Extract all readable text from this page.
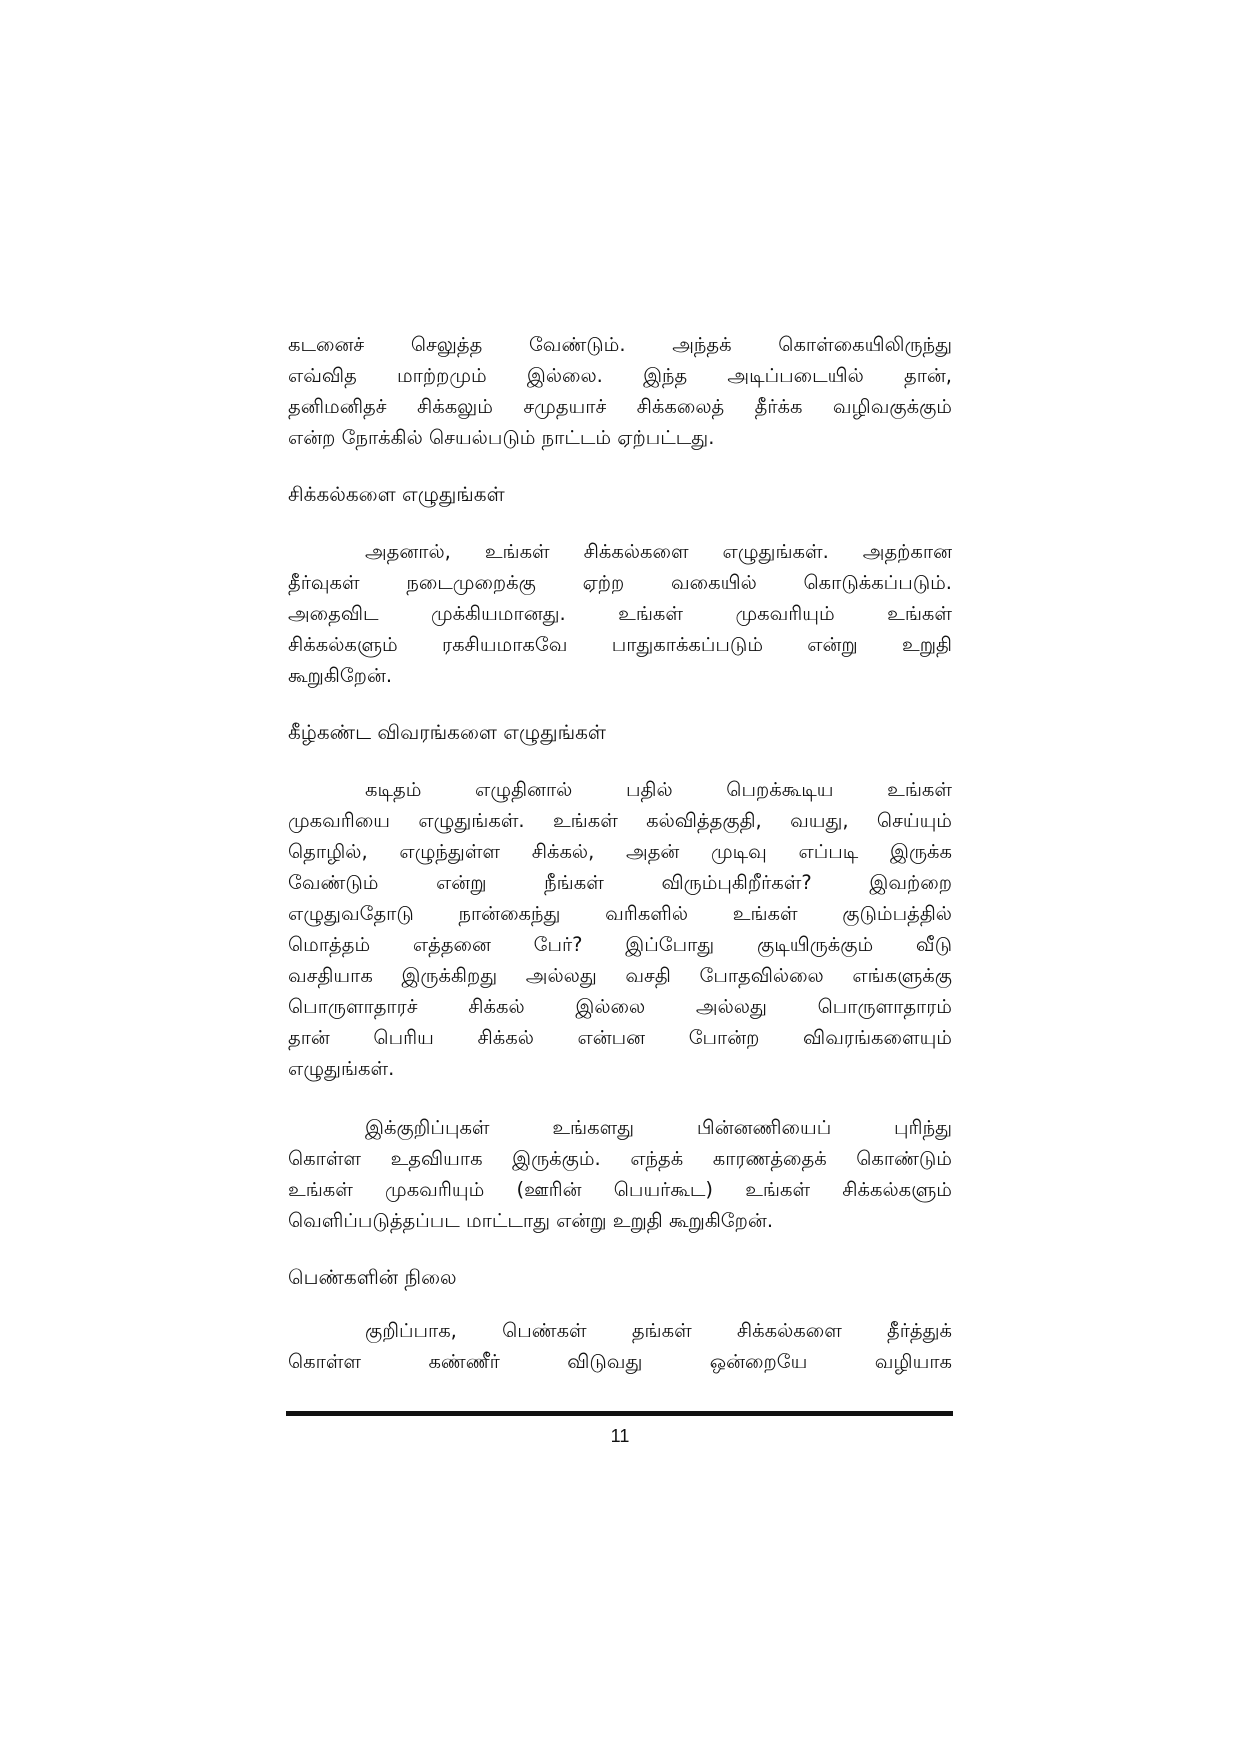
கடனைச் செலுத்த வேண்டும். அந்தக் கொள்கையிலிருந்து
எவ்வித மாற்றமும் இல்லை. இந்த அடிப்படையில் தான்,
தனிமனிதச் சிக்கலும் சமுதயாச் சிக்கலைத் தீர்க்க வழிவகுக்கும்
என்ற நோக்கில் செயல்படும் நாட்டம் ஏற்பட்டது.

சிக்கல்களை எழுதுங்கள்

அதனால், உங்கள் சிக்கல்களை எழுதுங்கள். அதற்கான
தீர்வுகள் நடைமுறைக்கு ஏற்ற வகையில் கொடுக்கப்படும்.
அதைவிட முக்கியமானது. உங்கள் முகவரியும் உங்கள்
சிக்கல்களும் ரகசியமாகவே பாதுகாக்கப்படும் என்று உறுதி
கூறுகிறேன்.

கீழ்கண்ட விவரங்களை எழுதுங்கள்

கடிதம் எழுதினால் பதில் பெறக்கூடிய உங்கள்
முகவரியை எழுதுங்கள். உங்கள் கல்வித்தகுதி, வயது, செய்யும்
தொழில், எழுந்துள்ள சிக்கல், அதன் முடிவு எப்படி இருக்க
வேண்டும் என்று நீங்கள் விரும்புகிறீர்கள்? இவற்றை
எழுதுவதோடு நான்கைந்து வரிகளில் உங்கள் குடும்பத்தில்
மொத்தம் எத்தனை பேர்? இப்போது குடியிருக்கும் வீடு
வசதியாக இருக்கிறது அல்லது வசதி போதவில்லை எங்களுக்கு
பொருளாதாரச் சிக்கல் இல்லை அல்லது பொருளாதாரம்
தான் பெரிய சிக்கல் என்பன போன்ற விவரங்களையும்
எழுதுங்கள்.

இக்குறிப்புகள் உங்களது பின்னணியைப் புரிந்து
கொள்ள உதவியாக இருக்கும். எந்தக் காரணத்தைக் கொண்டும்
உங்கள் முகவரியும் (ஊரின் பெயர்கூட) உங்கள் சிக்கல்களும்
வெளிப்படுத்தப்பட மாட்டாது என்று உறுதி கூறுகிறேன்.

பெண்களின் நிலை

குறிப்பாக, பெண்கள் தங்கள் சிக்கல்களை தீர்த்துக்
கொள்ள கண்ணீர் விடுவது ஒன்றையே வழியாக

11
